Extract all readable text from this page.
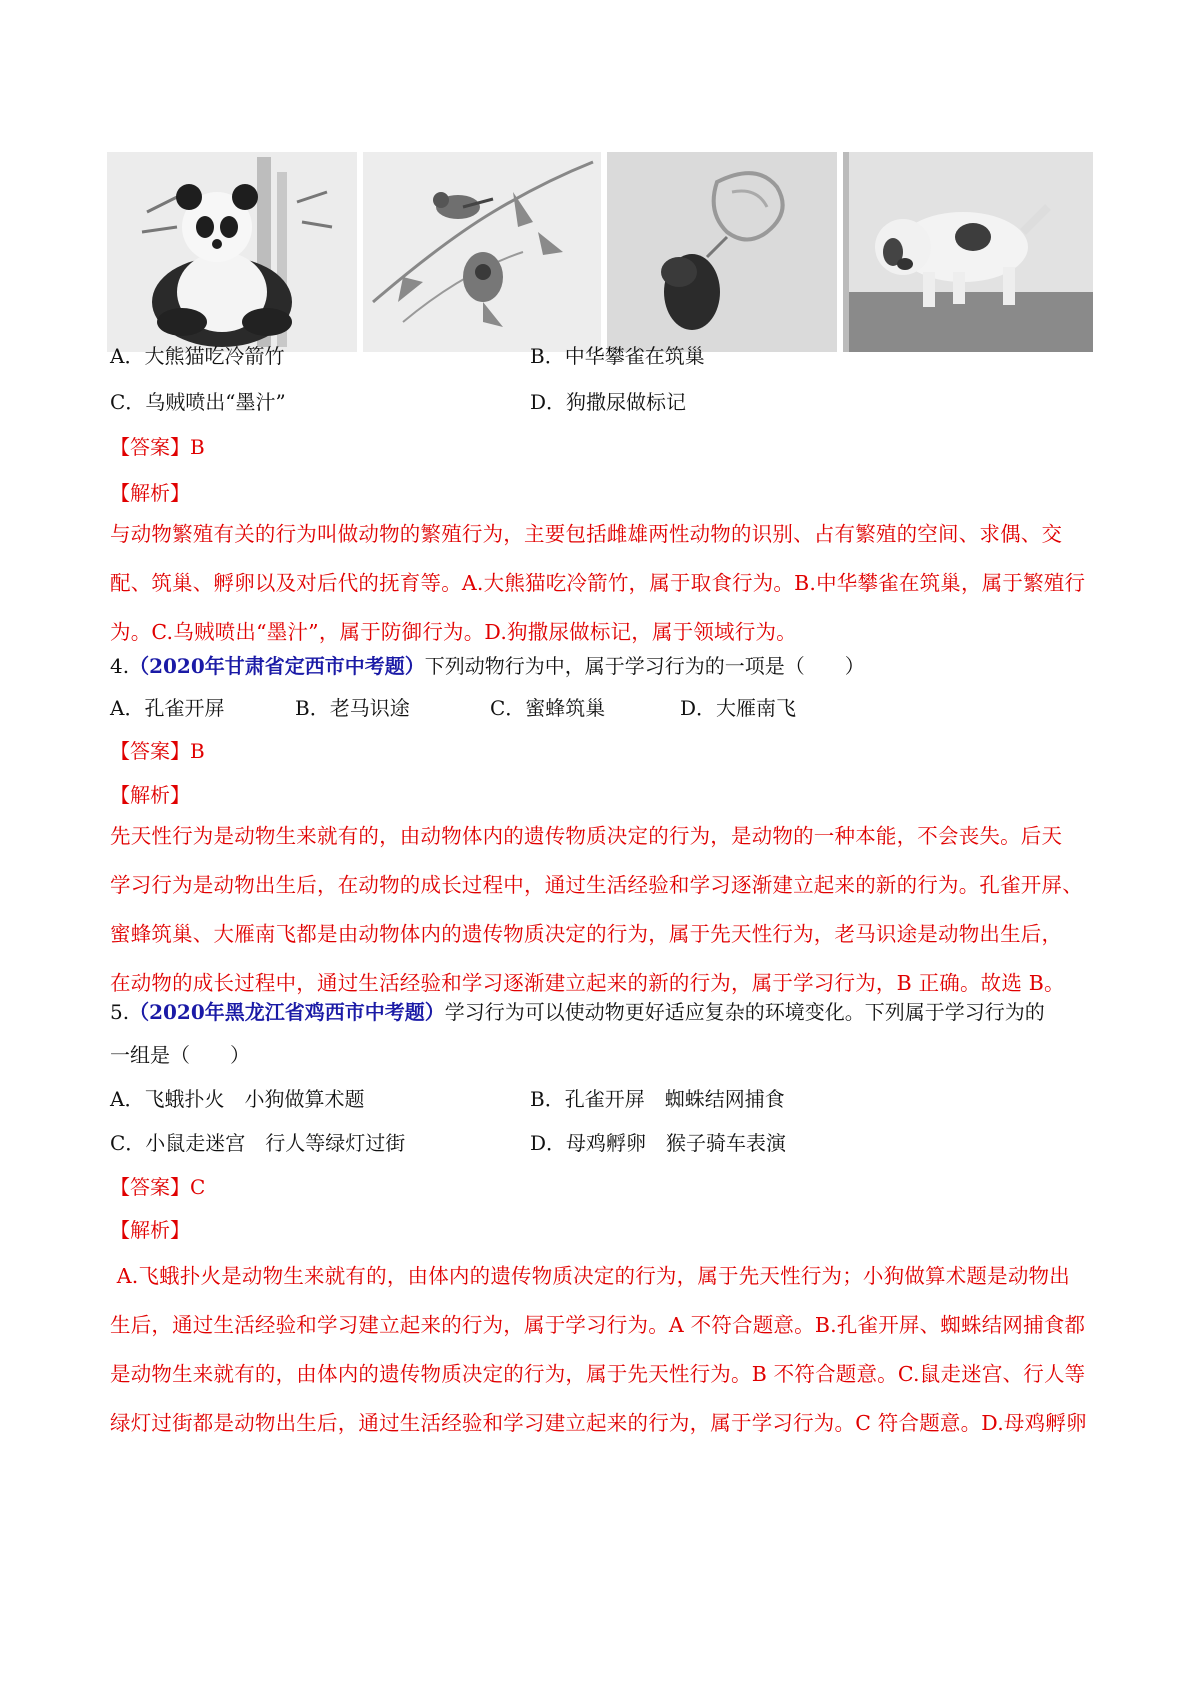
A．大熊猫吃冷箭竹	B．中华攀雀在筑巢
C．乌贼喷出“墨汁”	D．狗撒尿做标记
【答案】B
【解析】
与动物繁殖有关的行为叫做动物的繁殖行为，主要包括雌雄两性动物的识别、占有繁殖的空间、求偶、交
配、筑巢、孵卵以及对后代的抚育等。A.大熊猫吃冷箭竹，属于取食行为。B.中华攀雀在筑巢，属于繁殖行
为。C.乌贼喷出“墨汁”，属于防御行为。D.狗撒尿做标记，属于领域行为。
4.（2020年甘肃省定西市中考题）下列动物行为中，属于学习行为的一项是（　　）
A．孔雀开屏	B．老马识途	C．蜜蜂筑巢	D．大雁南飞
【答案】B
【解析】
先天性行为是动物生来就有的，由动物体内的遗传物质决定的行为，是动物的一种本能，不会丧失。后天
学习行为是动物出生后，在动物的成长过程中，通过生活经验和学习逐渐建立起来的新的行为。孔雀开屏、
蜜蜂筑巢、大雁南飞都是由动物体内的遗传物质决定的行为，属于先天性行为，老马识途是动物出生后，
在动物的成长过程中，通过生活经验和学习逐渐建立起来的新的行为，属于学习行为，B 正确。故选 B。
5.（2020年黑龙江省鸡西市中考题）学习行为可以使动物更好适应复杂的环境变化。下列属于学习行为的
一组是（　　）
A．飞蛾扑火　小狗做算术题	B．孔雀开屏　蜘蛛结网捕食
C．小鼠走迷宫　行人等绿灯过街	D．母鸡孵卵　猴子骑车表演
【答案】C
【解析】
A.飞蛾扑火是动物生来就有的，由体内的遗传物质决定的行为，属于先天性行为；小狗做算术题是动物出
生后，通过生活经验和学习建立起来的行为，属于学习行为。A 不符合题意。B.孔雀开屏、蜘蛛结网捕食都
是动物生来就有的，由体内的遗传物质决定的行为，属于先天性行为。B 不符合题意。C.鼠走迷宫、行人等
绿灯过街都是动物出生后，通过生活经验和学习建立起来的行为，属于学习行为。C 符合题意。D.母鸡孵卵
